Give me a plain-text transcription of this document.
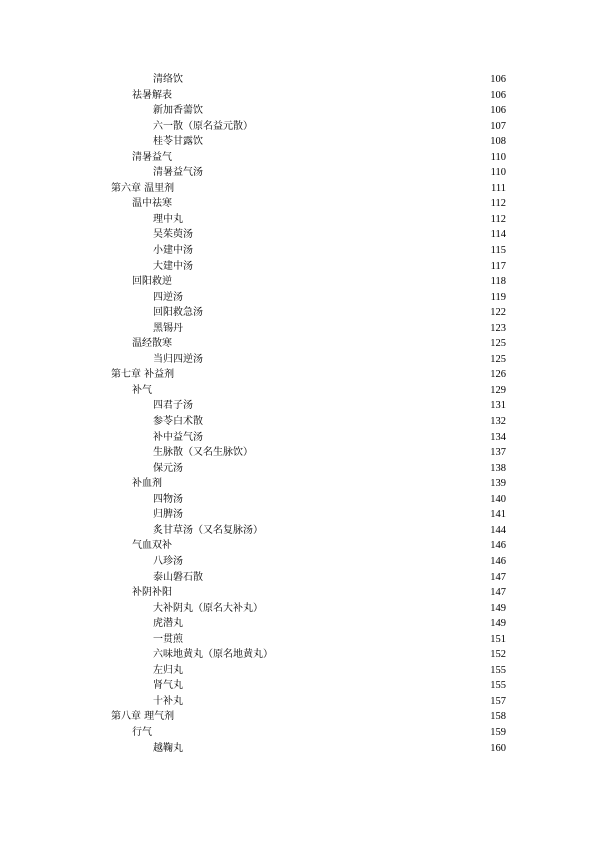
清络饮	106
祛暑解表	106
新加香薷饮	106
六一散（原名益元散）	107
桂苓甘露饮	108
清暑益气	110
清暑益气汤	110
第六章 温里剂	111
温中祛寒	112
理中丸	112
吴茱萸汤	114
小建中汤	115
大建中汤	117
回阳救逆	118
四逆汤	119
回阳救急汤	122
黑锡丹	123
温经散寒	125
当归四逆汤	125
第七章 补益剂	126
补气	129
四君子汤	131
参苓白术散	132
补中益气汤	134
生脉散（又名生脉饮）	137
保元汤	138
补血剂	139
四物汤	140
归脾汤	141
炙甘草汤（又名复脉汤）	144
气血双补	146
八珍汤	146
泰山磐石散	147
补阴补阳	147
大补阴丸（原名大补丸）	149
虎潜丸	149
一贯煎	151
六味地黄丸（原名地黄丸）	152
左归丸	155
肾气丸	155
十补丸	157
第八章 理气剂	158
行气	159
越鞠丸	160
